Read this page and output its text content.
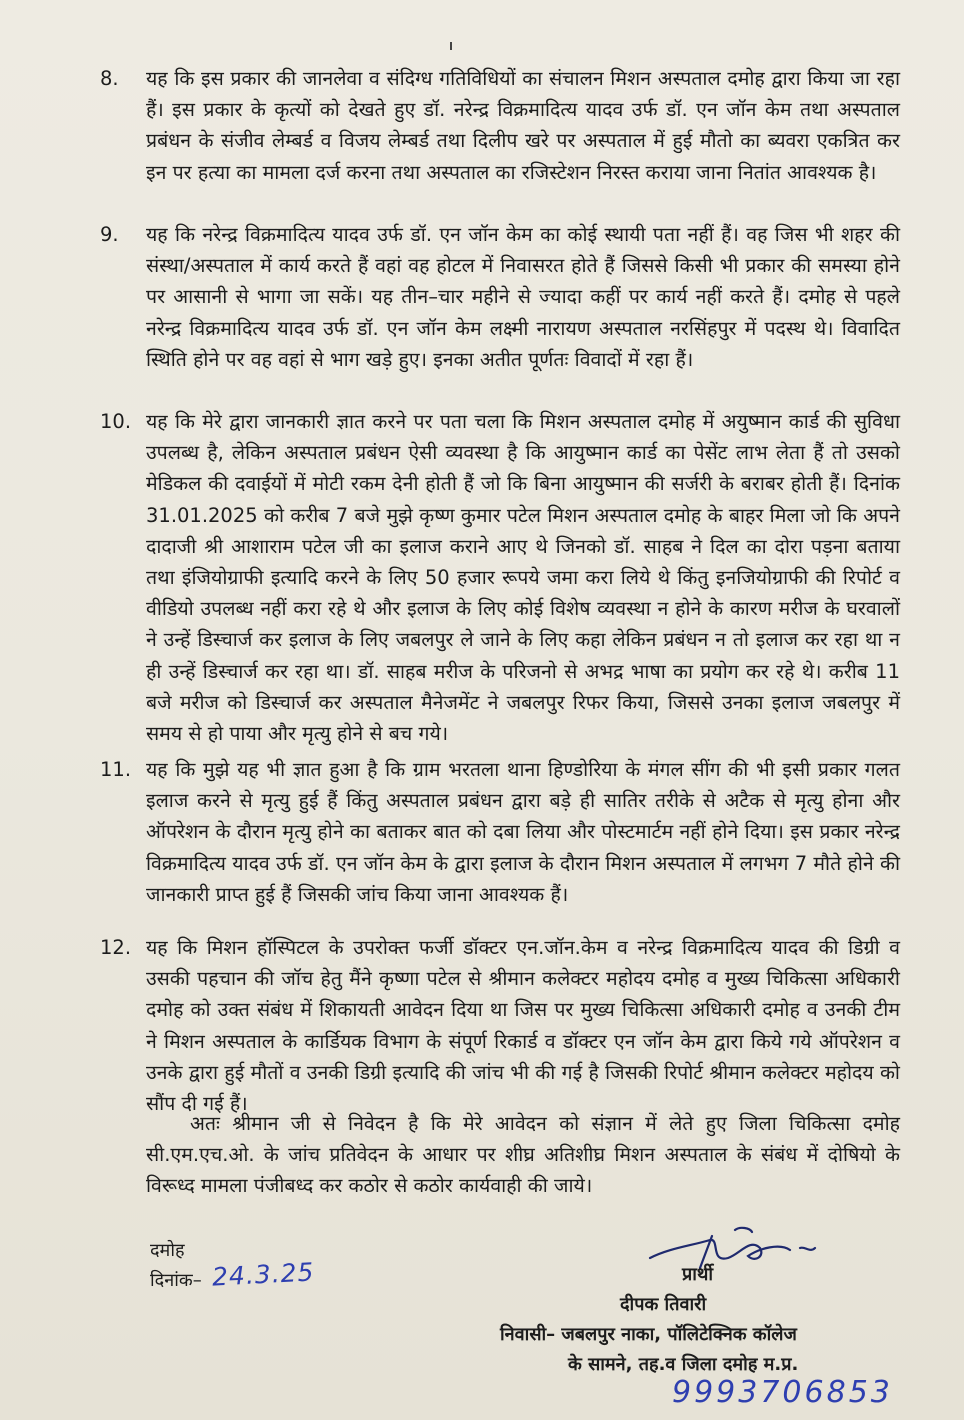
8.	यह कि इस प्रकार की जानलेवा व संदिग्ध गतिविधियों का संचालन मिशन अस्पताल दमोह द्वारा किया जा रहा हैं। इस प्रकार के कृत्यों को देखते हुए डॉ. नरेन्द्र विक्रमादित्य यादव उर्फ डॉ. एन जॉन केम तथा अस्पताल प्रबंधन के संजीव लेम्बर्ड व विजय लेम्बर्ड तथा दिलीप खरे पर अस्पताल में हुई मौतो का ब्यवरा एकत्रित कर इन पर हत्या का मामला दर्ज करना तथा अस्पताल का रजिस्टेशन निरस्त कराया जाना नितांत आवश्यक है।
9.	यह कि नरेन्द्र विक्रमादित्य यादव उर्फ डॉ. एन जॉन केम का कोई स्थायी पता नहीं हैं। वह जिस भी शहर की संस्था/अस्पताल में कार्य करते हैं वहां वह होटल में निवासरत होते हैं जिससे किसी भी प्रकार की समस्या होने पर आसानी से भागा जा सकें। यह तीन–चार महीने से ज्यादा कहीं पर कार्य नहीं करते हैं। दमोह से पहले नरेन्द्र विक्रमादित्य यादव उर्फ डॉ. एन जॉन केम लक्ष्मी नारायण अस्पताल नरसिंहपुर में पदस्थ थे। विवादित स्थिति होने पर वह वहां से भाग खड़े हुए। इनका अतीत पूर्णतः विवादों में रहा हैं।
10. यह कि मेरे द्वारा जानकारी ज्ञात करने पर पता चला कि मिशन अस्पताल दमोह में अयुष्मान कार्ड की सुविधा उपलब्ध है, लेकिन अस्पताल प्रबंधन ऐसी व्यवस्था है कि आयुष्मान कार्ड का पेसेंट लाभ लेता हैं तो उसको मेडिकल की दवाईयों में मोटी रकम देनी होती हैं जो कि बिना आयुष्मान की सर्जरी के बराबर होती हैं। दिनांक 31.01.2025 को करीब 7 बजे मुझे कृष्ण कुमार पटेल मिशन अस्पताल दमोह के बाहर मिला जो कि अपने दादाजी श्री आशाराम पटेल जी का इलाज कराने आए थे जिनको डॉ. साहब ने दिल का दोरा पड़ना बताया तथा इंजियोग्राफी इत्यादि करने के लिए 50 हजार रूपये जमा करा लिये थे किंतु इनजियोग्राफी की रिपोर्ट व वीडियो उपलब्ध नहीं करा रहे थे और इलाज के लिए कोई विशेष व्यवस्था न होने के कारण मरीज के घरवालों ने उन्हें डिस्चार्ज कर इलाज के लिए जबलपुर ले जाने के लिए कहा लेकिन प्रबंधन न तो इलाज कर रहा था न ही उन्हें डिस्चार्ज कर रहा था। डॉ. साहब मरीज के परिजनो से अभद्र भाषा का प्रयोग कर रहे थे। करीब 11 बजे मरीज को डिस्चार्ज कर अस्पताल मैनेजमेंट ने जबलपुर रिफर किया, जिससे उनका इलाज जबलपुर में समय से हो पाया और मृत्यु होने से बच गये।
11. यह कि मुझे यह भी ज्ञात हुआ है कि ग्राम भरतला थाना हिण्डोरिया के मंगल सींग की भी इसी प्रकार गलत इलाज करने से मृत्यु हुई हैं किंतु अस्पताल प्रबंधन द्वारा बड़े ही सातिर तरीके से अटैक से मृत्यु होना और ऑपरेशन के दौरान मृत्यु होने का बताकर बात को दबा लिया और पोस्टमार्टम नहीं होने दिया। इस प्रकार नरेन्द्र विक्रमादित्य यादव उर्फ डॉ. एन जॉन केम के द्वारा इलाज के दौरान मिशन अस्पताल में लगभग 7 मौते होने की जानकारी प्राप्त हुई हैं जिसकी जांच किया जाना आवश्यक हैं।
12. यह कि मिशन हॉस्पिटल के उपरोक्त फर्जी डॉक्टर एन.जॉन.केम व नरेन्द्र विक्रमादित्य यादव की डिग्री व उसकी पहचान की जॉच हेतु मैंने कृष्णा पटेल से श्रीमान कलेक्टर महोदय दमोह व मुख्य चिकित्सा अधिकारी दमोह को उक्त संबंध में शिकायती आवेदन दिया था जिस पर मुख्य चिकित्सा अधिकारी दमोह व उनकी टीम ने मिशन अस्पताल के कार्डियक विभाग के संपूर्ण रिकार्ड व डॉक्टर एन जॉन केम द्वारा किये गये ऑपरेशन व उनके द्वारा हुई मौतों व उनकी डिग्री इत्यादि की जांच भी की गई है जिसकी रिपोर्ट श्रीमान कलेक्टर महोदय को सौंप दी गई हैं।
अतः श्रीमान जी से निवेदन है कि मेरे आवेदन को संज्ञान में लेते हुए जिला चिकित्सा दमोह सी.एम.एच.ओ. के जांच प्रतिवेदन के आधार पर शीघ्र अतिशीघ्र मिशन अस्पताल के संबंध में दोषियो के विरूध्द मामला पंजीबध्द कर कठोर से कठोर कार्यवाही की जाये।
दमोह
दिनांक– 24.3.25	प्रार्थी
दीपक तिवारी
निवासी– जबलपुर नाका, पॉलिटेक्निक कॉलेज
के सामने, तह.व जिला दमोह म.प्र.
9993706853
